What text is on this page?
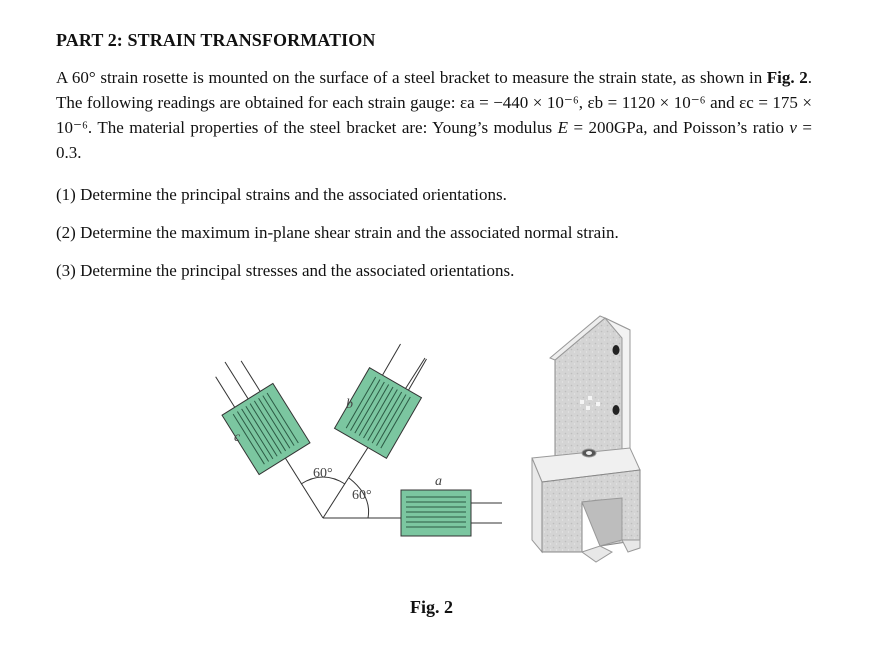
PART 2: STRAIN TRANSFORMATION

A 60° strain rosette is mounted on the surface of a steel bracket to measure the strain state, as shown in Fig. 2. The following readings are obtained for each strain gauge: εa = −440 × 10⁻⁶, εb = 1120 × 10⁻⁶ and εc = 175 × 10⁻⁶. The material properties of the steel bracket are: Young’s modulus E = 200GPa, and Poisson’s ratio v = 0.3.

(1) Determine the principal strains and the associated orientations.

(2) Determine the maximum in-plane shear strain and the associated normal strain.

(3) Determine the principal stresses and the associated orientations.

c
b
a
60°
60°
Fig. 2
